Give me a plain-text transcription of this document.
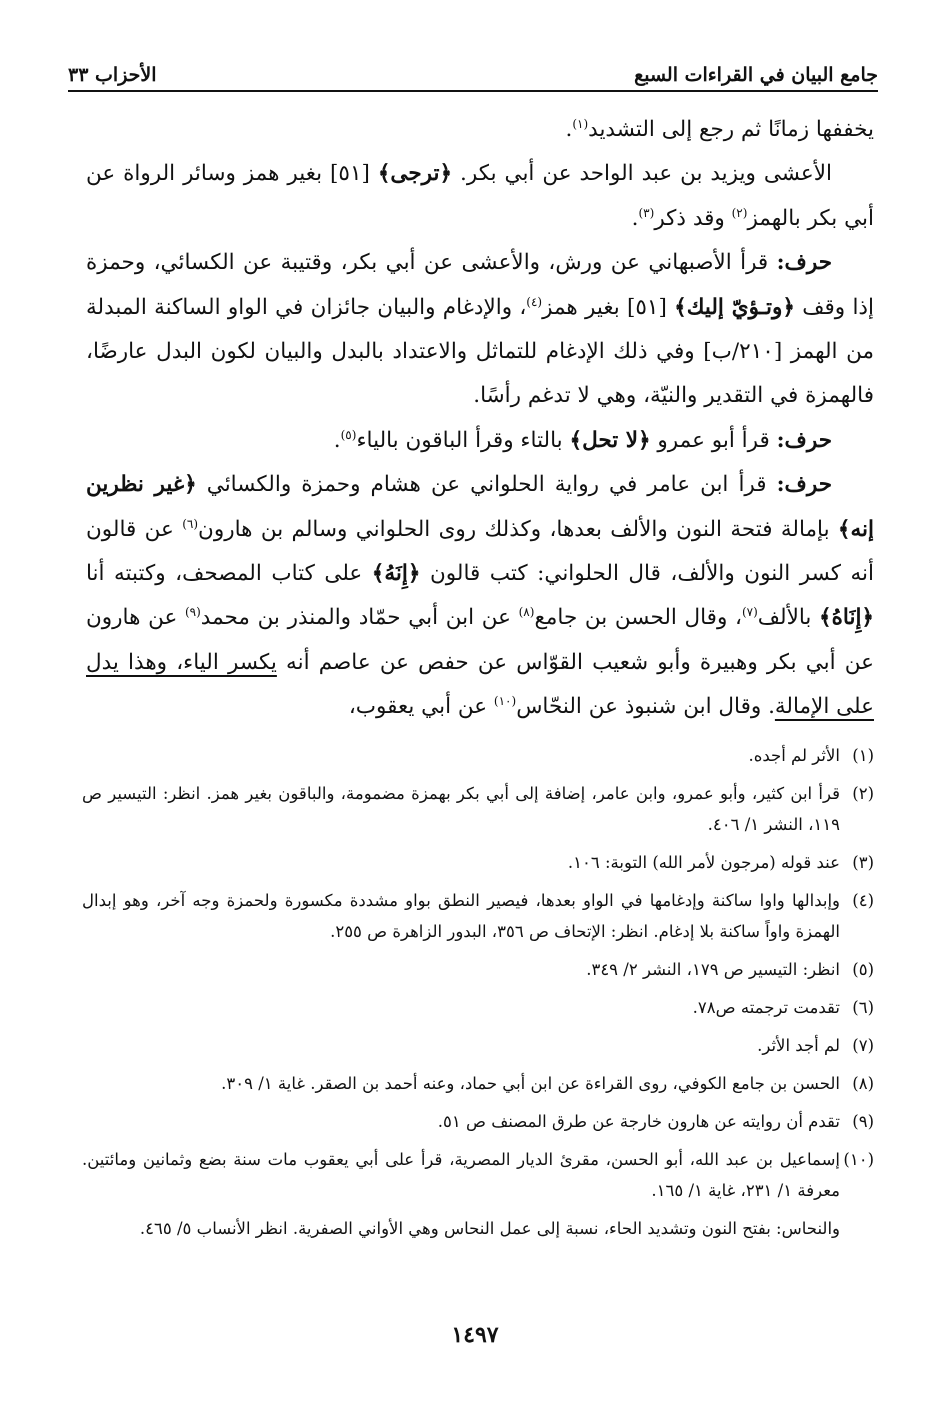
جامع البيان في القراءات السبع
الأحزاب ٣٣

يخففها زمانًا ثم رجع إلى التشديد$^{(١)}$.

الأعشى ويزيد بن عبد الواحد عن أبي بكر. ﴿ترجى﴾ [٥١] بغير همز وسائر الرواة عن أبي بكر بالهمز$^{(٢)}$ وقد ذكر$^{(٣)}$.

حرف: قرأ الأصبهاني عن ورش، والأعشى عن أبي بكر، وقتيبة عن الكسائي، وحمزة إذا وقف ﴿وتـؤيّ إليك﴾ [٥١] بغير همز$^{(٤)}$، والإدغام والبيان جائزان في الواو الساكنة المبدلة من الهمز [٢١٠/ب] وفي ذلك الإدغام للتماثل والاعتداد بالبدل والبيان لكون البدل عارضًا، فالهمزة في التقدير والنيّة، وهي لا تدغم رأسًا.

حرف: قرأ أبو عمرو ﴿لا تحل﴾ بالتاء وقرأ الباقون بالياء$^{(٥)}$.

حرف: قرأ ابن عامر في رواية الحلواني عن هشام وحمزة والكسائي ﴿غير نظرين إنه﴾ بإمالة فتحة النون والألف بعدها، وكذلك روى الحلواني وسالم بن هارون$^{(٦)}$ عن قالون أنه كسر النون والألف، قال الحلواني: كتب قالون ﴿إِنَهُ﴾ على كتاب المصحف، وكتبته أنا ﴿إِنَاهُ﴾ بالألف$^{(٧)}$، وقال الحسن بن جامع$^{(٨)}$ عن ابن أبي حمّاد والمنذر بن محمد$^{(٩)}$ عن هارون عن أبي بكر وهبيرة وأبو شعيب القوّاس عن حفص عن عاصم أنه يكسر الياء، وهذا يدل على الإمالة. وقال ابن شنبوذ عن النحّاس$^{(١٠)}$ عن أبي يعقوب،

(١)
الأثر لم أجده.
(٢)
قرأ ابن كثير، وأبو عمرو، وابن عامر، إضافة إلى أبي بكر بهمزة مضمومة، والباقون بغير همز. انظر: التيسير ص ١١٩، النشر ١/ ٤٠٦.
(٣)
عند قوله (مرجون لأمر الله) التوبة: ١٠٦.
(٤)
وإبدالها واوا ساكنة وإدغامها في الواو بعدها، فيصير النطق بواو مشددة مكسورة ولحمزة وجه آخر، وهو إبدال الهمزة واواً ساكنة بلا إدغام. انظر: الإتحاف ص ٣٥٦، البدور الزاهرة ص ٢٥٥.
(٥)
انظر: التيسير ص ١٧٩، النشر ٢/ ٣٤٩.
(٦)
تقدمت ترجمته ص٧٨.
(٧)
لم أجد الأثر.
(٨)
الحسن بن جامع الكوفي، روى القراءة عن ابن أبي حماد، وعنه أحمد بن الصقر. غاية ١/ ٣٠٩.
(٩)
تقدم أن روايته عن هارون خارجة عن طرق المصنف ص ٥١.
(١٠)
إسماعيل بن عبد الله، أبو الحسن، مقرئ الديار المصرية، قرأ على أبي يعقوب مات سنة بضع وثمانين ومائتين. معرفة ١/ ٢٣١، غاية ١/ ١٦٥.
والنحاس: بفتح النون وتشديد الحاء، نسبة إلى عمل النحاس وهي الأواني الصفرية. انظر الأنساب ٥/ ٤٦٥.
١٤٩٧
